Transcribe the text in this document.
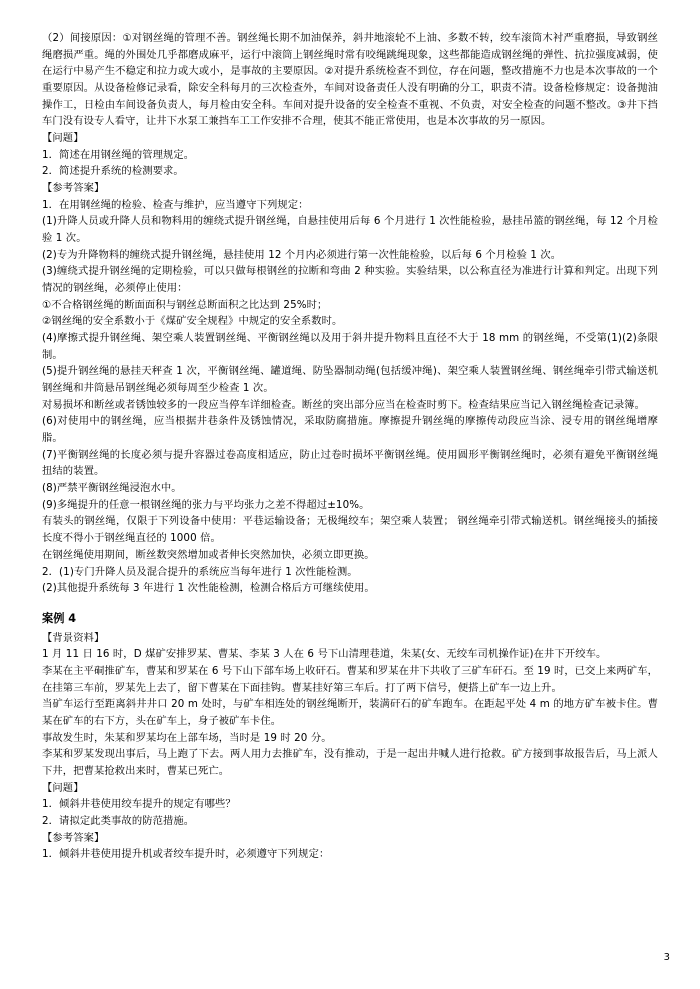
（2）间接原因：①对钢丝绳的管理不善。钢丝绳长期不加油保养，斜井地滚轮不上油、多数不转，绞车滚筒木衬严重磨损，导致钢丝绳磨损严重。绳的外围处几乎都磨成麻平，运行中滚筒上钢丝绳时常有咬绳跳绳现象，这些都能造成钢丝绳的弹性、抗拉强度减弱，使在运行中易产生不稳定和拉力或大或小，是事故的主要原因。②对提升系统检查不到位，存在问题，整改措施不力也是本次事故的一个重要原因。从设备检修记录看，除安全科每月的三次检查外，车间对设备责任人没有明确的分工，职责不清。设备检修规定：设备抛油操作工，日检由车间设备负责人，每月检由安全科。车间对提升设备的安全检查不重视、不负责，对安全检查的问题不整改。③井下挡车门没有设专人看守，让井下水泵工兼挡车工工作安排不合理，使其不能正常使用，也是本次事故的另一原因。

【问题】

1．简述在用钢丝绳的管理规定。

2．简述提升系统的检测要求。

【参考答案】

1．在用钢丝绳的检验、检查与维护，应当遵守下列规定：

(1)升降人员或升降人员和物料用的缠绕式提升钢丝绳，自悬挂使用后每 6 个月进行 1 次性能检验，悬挂吊篮的钢丝绳，每 12 个月检验 1 次。

(2)专为升降物料的缠绕式提升钢丝绳，悬挂使用 12 个月内必须进行第一次性能检验，以后每 6 个月检验 1 次。

(3)缠绕式提升钢丝绳的定期检验，可以只做每根钢丝的拉断和弯曲 2 种实验。实验结果，以公称直径为准进行计算和判定。出现下列情况的钢丝绳，必须停止使用：

①不合格钢丝绳的断面面积与钢丝总断面积之比达到 25%时；

②钢丝绳的安全系数小于《煤矿安全规程》中规定的安全系数时。

(4)摩擦式提升钢丝绳、架空乘人装置钢丝绳、平衡钢丝绳以及用于斜井提升物料且直径不大于 18 mm 的钢丝绳，不受第(1)(2)条限制。

(5)提升钢丝绳的悬挂天秤查 1 次，平衡钢丝绳、罐道绳、防坠器制动绳(包括缓冲绳)、架空乘人装置钢丝绳、钢丝绳牵引带式输送机钢丝绳和井筒悬吊钢丝绳必须每周至少检查 1 次。

对易损坏和断丝或者锈蚀较多的一段应当停车详细检查。断丝的突出部分应当在检查时剪下。检查结果应当记入钢丝绳检查记录簿。

(6)对使用中的钢丝绳，应当根据井巷条件及锈蚀情况，采取防腐措施。摩擦提升钢丝绳的摩擦传动段应当涂、浸专用的钢丝绳增摩脂。

(7)平衡钢丝绳的长度必须与提升容器过卷高度相适应，防止过卷时损坏平衡钢丝绳。使用圆形平衡钢丝绳时，必须有避免平衡钢丝绳扭结的装置。

(8)严禁平衡钢丝绳浸泡水中。

(9)多绳提升的任意一根钢丝绳的张力与平均张力之差不得超过±10%。

有装头的钢丝绳，仅限于下列设备中使用：平巷运输设备；无极绳绞车；架空乘人装置； 钢丝绳牵引带式输送机。钢丝绳接头的插接长度不得小于钢丝绳直径的 1000 倍。

在钢丝绳使用期间，断丝数突然增加或者伸长突然加快，必须立即更换。

2．(1)专门升降人员及混合提升的系统应当每年进行 1 次性能检测。

(2)其他提升系统每 3 年进行 1 次性能检测，检测合格后方可继续使用。

案例 4

【背景资料】

1 月 11 日 16 时，D 煤矿安排罗某、曹某、李某 3 人在 6 号下山清理巷道，朱某(女、无绞车司机操作证)在井下开绞车。

李某在主平硐推矿车，曹某和罗某在 6 号下山下部车场上收矸石。曹某和罗某在井下共收了三矿车矸石。至 19 时，已交上来两矿车，在挂第三车前，罗某先上去了，留下曹某在下面挂钩。曹某挂好第三车后。打了两下信号，便搭上矿车一边上升。

当矿车运行至距离斜井井口 20 m 处时，与矿车相连处的钢丝绳断开，装满矸石的矿车跑车。在距起平处 4 m 的地方矿车被卡住。曹某在矿车的右下方，头在矿车上，身子被矿车卡住。

事故发生时，朱某和罗某均在上部车场，当时是 19 时 20 分。

李某和罗某发现出事后，马上跑了下去。两人用力去推矿车，没有推动，于是一起出井喊人进行抢救。矿方接到事故报告后，马上派人下井，把曹某抢救出来时，曹某已死亡。

【问题】

1．倾斜井巷使用绞车提升的规定有哪些？

2．请拟定此类事故的防范措施。

【参考答案】

1．倾斜井巷使用提升机或者绞车提升时，必须遵守下列规定：

3
